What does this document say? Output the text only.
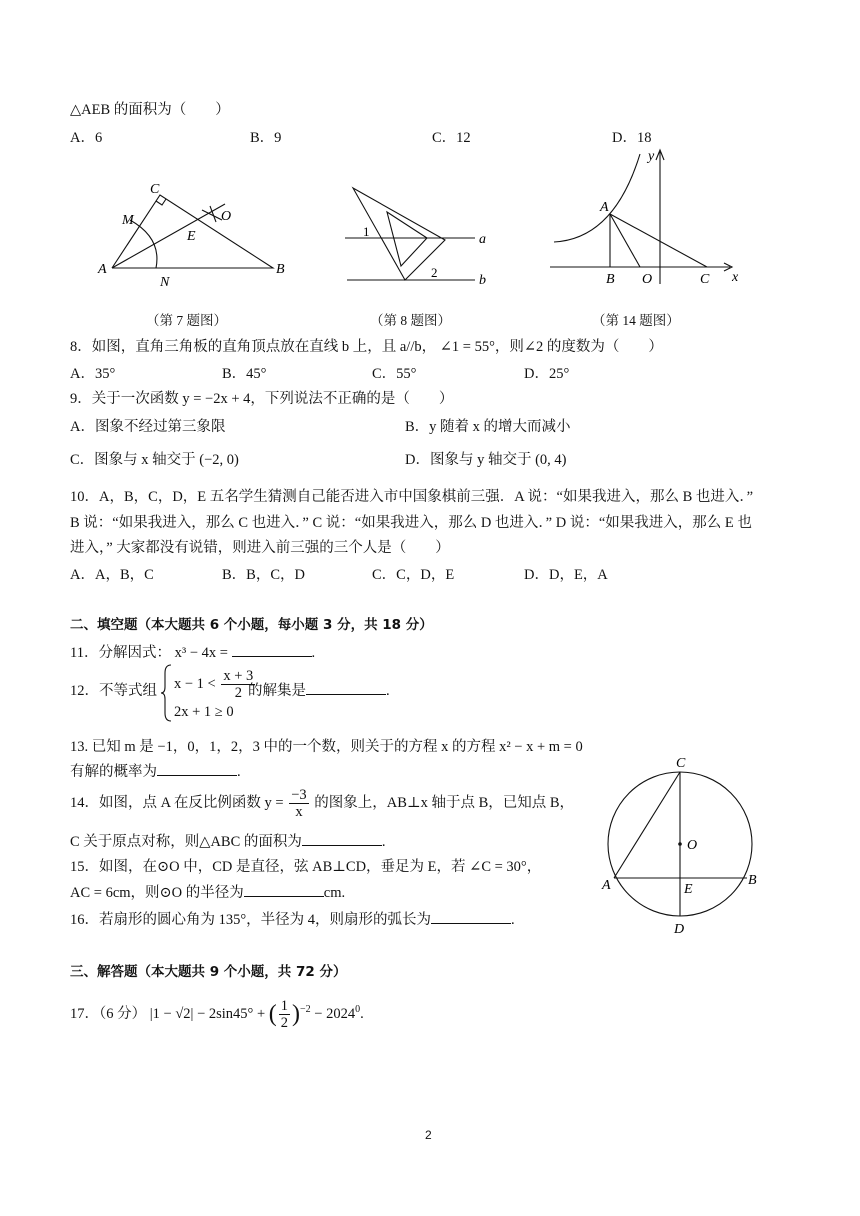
△AEB 的面积为（　　）
A．6	B．9	C．12	D．18
C
M	O
E
A
N
B
1
2
a
b
y
x
A
B O	C
（第 7 题图）	（第 8 题图）	（第 14 题图）
8．如图，直角三角板的直角顶点放在直线 b 上，且 a//b， ∠1 = 55°，则∠2 的度数为（　　）
A．35°	B．45°	C．55°	D．25°
9．关于一次函数 y = −2x + 4，下列说法不正确的是（　　）
A．图象不经过第三象限	B．y 随着 x 的增大而减小
C．图象与 x 轴交于 (−2, 0)	D．图象与 y 轴交于 (0, 4)
10．A，B，C，D，E 五名学生猜测自己能否进入市中国象棋前三强．A 说：“如果我进入，那么 B 也进入．”
B 说：“如果我进入，那么 C 也进入．” C 说：“如果我进入，那么 D 也进入．” D 说：“如果我进入，那么 E 也
进入，” 大家都没有说错，则进入前三强的三个人是（　　）
A．A，B，C	B．B，C，D	C．C，D，E	D．D，E，A
二、填空题（本大题共 6 个小题，每小题 3 分，共 18 分）
11．分解因式： x³ − 4x =	.
12．不等式组 $x - 1 < \frac{x + 3}{2}$
2x + 1 ≥ 0
的解集是	.
13. 已知 m 是 −1，0，1，2，3 中的一个数，则关于的方程 x 的方程 x² − x + m = 0
有解的概率为	.
14．如图，点 A 在反比例函数 $y = \frac{-3}{x}$ 的图象上，AB⊥x 轴于点 B，已知点 B，
C 关于原点对称，则△ABC 的面积为	.
15．如图，在⊙O 中，CD 是直径，弦 AB⊥CD，垂足为 E，若 ∠C = 30°，
AC = 6cm，则⊙O 的半径为	cm.
16．若扇形的圆心角为 135°，半径为 4，则扇形的弧长为	.
C
O
A	E
B
D
三、解答题（本大题共 9 个小题，共 72 分）
17．（6 分） |1 − √2| − 2sin45° + ( $\frac{1}{2} )^{-2} - 2024^0$.
2
